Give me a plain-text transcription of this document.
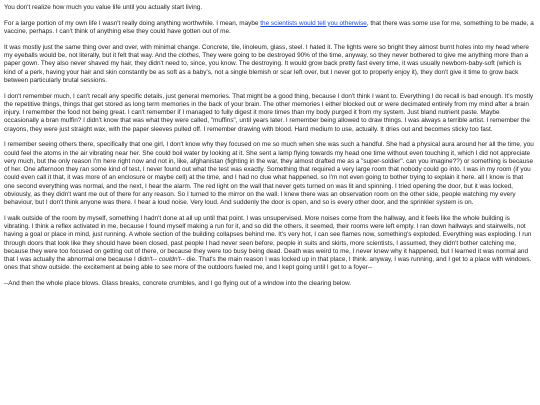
You don't realize how much you value life until you actually start living.

For a large portion of my own life I wasn't really doing anything worthwhile. I mean, maybe the scientists would tell you otherwise, that there was some use for me, something to be made, a vaccine, perhaps. I can't think of anything else they could have gotten out of me.

It was mostly just the same thing over and over, with minimal change. Concrete, tile, linoleum, glass, steel. I hated it. The lights were so bright they almost burnt holes into my head where my eyeballs would be, not literally, but it felt that way. And the clothes, They were going to be destroyed 90% of the time, anyway, so they never bothered to give me anything more than a paper gown. They also never shaved my hair, they didn't need to, since, you know. The destroying. It would grow back pretty fast every time, it was usually newborn-baby-soft (which is kind of a perk, having your hair and skin constantly be as soft as a baby's, not a single blemish or scar left over, but I never got to properly enjoy it), they don't give it time to grow back between particularly brutal sessions.

I don't remember much, I can't recall any specific details, just general memories. That might be a good thing, because I don't think I want to. Everything I do recall is bad enough. It's mostly the repetitive things, things that get stored as long term memories in the back of your brain. The other memories I either blocked out or were decimated entirely from my mind after a brain injury. I remember the food not being great. I can't remember if I managed to fully digest it more times than my body purged it from my system. Just bland nutrient paste. Maybe occasionally a bran muffin? I didn't know that was what they were called, "muffins", until years later. I remember being allowed to draw things. I was always a terrible artist. I remember the crayons, they were just straight wax, with the paper sleeves pulled off. I remember drawing with blood. Hard medium to use, actually. It dries out and becomes sticky too fast.

I remember seeing others there, specifically that one girl, I don't know why they focused on me so much when she was such a handful. She had a physical aura around her all the time, you could feel the atoms in the air vibrating near her. She could boil water by looking at it. She sent a lamp flying towards my head one time without even touching it, which I did not appreciate very much, but the only reason I'm here right now and not in, like, afghanistan (fighting in the war, they almost drafted me as a "super-soldier". can you imagine??) or something is because of her. One afternoon they ran some kind of test, I never found out what the test was exactly. Something that required a very large room that nobody could go into. I was in my room (if you could even call it that, it was more of an enclosure or maybe cell) at the time, and I had no clue what happened, so I'm not even going to bother trying to explain it here. all I know is that one second everything was normal, and the next, I hear the alarm. The red light on the wall that never gets turned on was lit and spinning. I tried opening the door, but it was locked, obviously, as they didn't want me out of there for any reason. So I turned to the mirror on the wall. I knew there was an observation room on the other side, people watching my every behaviour, but I don't think anyone was there. I hear a loud noise. Very loud. And suddenly the door is open, and so is every other door, and the sprinkler system is on.

I walk outside of the room by myself, something I hadn't done at all up until that point. I was unsupervised. More noises come from the hallway, and it feels like the whole building is vibrating. I think a reflex activated in me, because I found myself making a run for it, and so did the others, it seemed, their rooms were left empty. I ran down hallways and stairwells, not having a goal or place in mind, just running. A whole section of the building collapses behind me. It's very hot, I can see flames now, something's exploded. Everything was exploding. I run through doors that look like they should have been closed, past people I had never seen before, people in suits and skirts, more scientists, I assumed, they didn't bother catching me, because they were too focused on getting out of there, or because they were too busy being dead. Death was weird to me, I never knew why it happened, but I learned it was normal and that I was actually the abnormal one because I didn't-- couldn't-- die. That's the main reason I was locked up in that place, I think. anyway, I was running, and I get to a place with windows. ones that show outside. the excitement at being able to see more of the outdoors fueled me, and I kept going until I get to a foyer--

--And then the whole place blows. Glass breaks, concrete crumbles, and I go flying out of a window into the clearing below.
